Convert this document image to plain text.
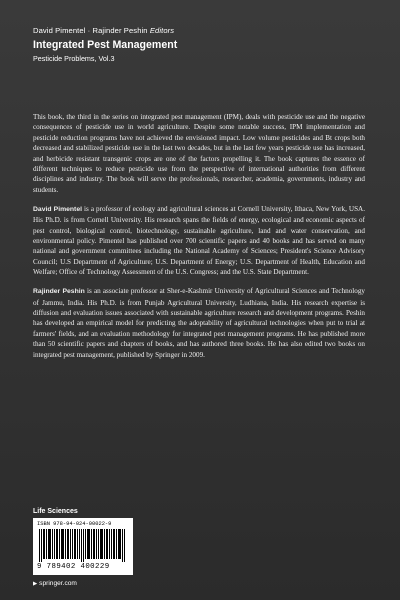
David Pimentel · Rajinder Peshin Editors
Integrated Pest Management
Pesticide Problems, Vol.3

This book, the third in the series on integrated pest management (IPM), deals with pesticide use and the negative consequences of pesticide use in world agriculture. Despite some notable success, IPM implementation and pesticide reduction programs have not achieved the envisioned impact. Low volume pesticides and Bt crops both decreased and stabilized pesticide use in the last two decades, but in the last few years pesticide use has increased, and herbicide resistant transgenic crops are one of the factors propelling it. The book captures the essence of different techniques to reduce pesticide use from the perspective of international authorities from different disciplines and industry. The book will serve the professionals, researcher, academia, governments, industry and students.

David Pimentel is a professor of ecology and agricultural sciences at Cornell University, Ithaca, New York, USA. His Ph.D. is from Cornell University. His research spans the fields of energy, ecological and economic aspects of pest control, biological control, biotechnology, sustainable agriculture, land and water conservation, and environmental policy. Pimentel has published over 700 scientific papers and 40 books and has served on many national and government committees including the National Academy of Sciences; President's Science Advisory Council; U.S Department of Agriculture; U.S. Department of Energy; U.S. Department of Health, Education and Welfare; Office of Technology Assessment of the U.S. Congress; and the U.S. State Department.

Rajinder Peshin is an associate professor at Sher-e-Kashmir University of Agricultural Sciences and Technology of Jammu, India. His Ph.D. is from Punjab Agricultural University, Ludhiana, India. His research expertise is diffusion and evaluation issues associated with sustainable agriculture research and development programs. Peshin has developed an empirical model for predicting the adoptability of agricultural technologies when put to trial at farmers' fields, and an evaluation methodology for integrated pest management programs. He has published more than 50 scientific papers and chapters of books, and has authored three books. He has also edited two books on integrated pest management, published by Springer in 2009.

Life Sciences
ISBN 978-94-024-00022-9
9 789402 400229
▶ springer.com
